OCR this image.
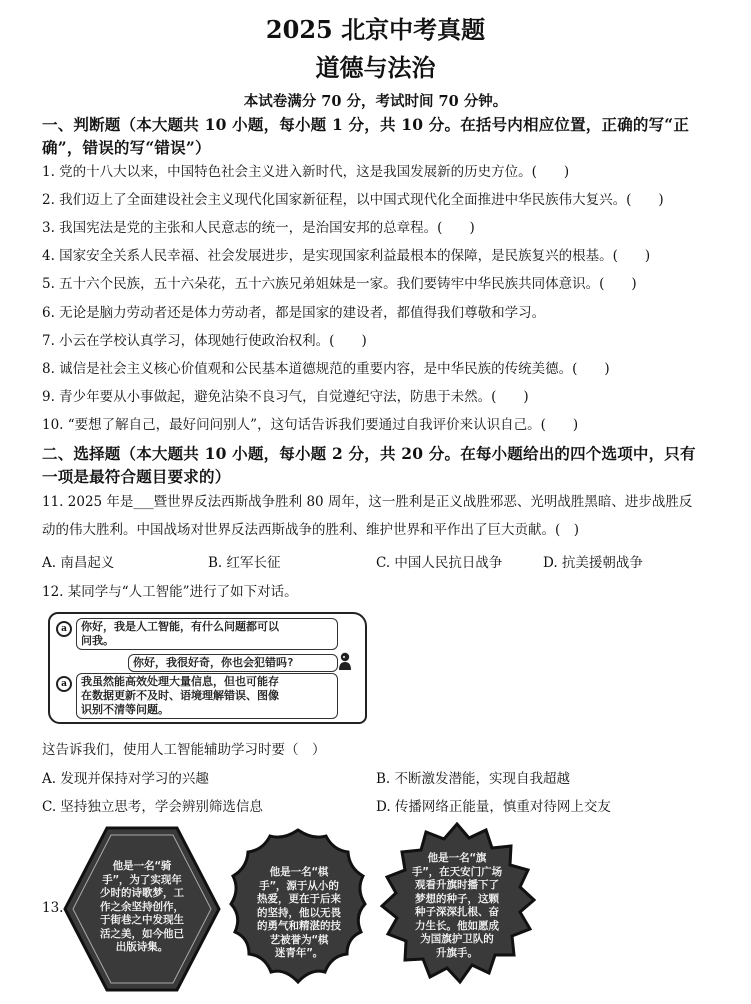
2025 北京中考真题
道德与法治
本试卷满分 70 分，考试时间 70 分钟。
一、判断题（本大题共 10 小题，每小题 1 分，共 10 分。在括号内相应位置，正确的写“正
确”，错误的写“错误”）
1. 党的十八大以来，中国特色社会主义进入新时代，这是我国发展新的历史方位。(　　)
2. 我们迈上了全面建设社会主义现代化国家新征程，以中国式现代化全面推进中华民族伟大复兴。(　　)
3. 我国宪法是党的主张和人民意志的统一，是治国安邦的总章程。(　　)
4. 国家安全关系人民幸福、社会发展进步，是实现国家利益最根本的保障，是民族复兴的根基。(　　)
5. 五十六个民族，五十六朵花，五十六族兄弟姐妹是一家。我们要铸牢中华民族共同体意识。(　　)
6. 无论是脑力劳动者还是体力劳动者，都是国家的建设者，都值得我们尊敬和学习。
7. 小云在学校认真学习，体现她行使政治权利。(　　)
8. 诚信是社会主义核心价值观和公民基本道德规范的重要内容，是中华民族的传统美德。(　　)
9. 青少年要从小事做起，避免沾染不良习气，自觉遵纪守法，防患于未然。(　　)
10. “要想了解自己，最好问问别人”，这句话告诉我们要通过自我评价来认识自己。(　　)
二、选择题（本大题共 10 小题，每小题 2 分，共 20 分。在每小题给出的四个选项中，只有
一项是最符合题目要求的）
11. 2025 年是___暨世界反法西斯战争胜利 80 周年，这一胜利是正义战胜邪恶、光明战胜黑暗、进步战胜反
动的伟大胜利。中国战场对世界反法西斯战争的胜利、维护世界和平作出了巨大贡献。(　)
A. 南昌起义	B. 红军长征	C. 中国人民抗日战争	D. 抗美援朝战争
12. 某同学与“人工智能”进行了如下对话。
a	你好，我是人工智能，有什么问题都可以
问我。
你好，我很好奇，你也会犯错吗?
a	我虽然能高效处理大量信息，但也可能存
在数据更新不及时、语境理解错误、图像
识别不清等问题。
这告诉我们，使用人工智能辅助学习时要（　）
A. 发现并保持对学习的兴趣	B. 不断激发潜能，实现自我超越
C. 坚持独立思考，学会辨别筛选信息	D. 传播网络正能量，慎重对待网上交友
13.
他是一名“骑
手”，为了实现年
少时的诗歌梦，工
作之余坚持创作，
于街巷之中发现生
活之美，如今他已
出版诗集。
他是一名“棋
手”，源于从小的
热爱，更在于后来
的坚持，他以无畏
的勇气和精湛的技
艺被誉为“棋
迷青年”。
他是一名“旗
手”，在天安门广场
观看升旗时播下了
梦想的种子，这颗
种子深深扎根、奋
力生长。他如愿成
为国旗护卫队的
升旗手。
